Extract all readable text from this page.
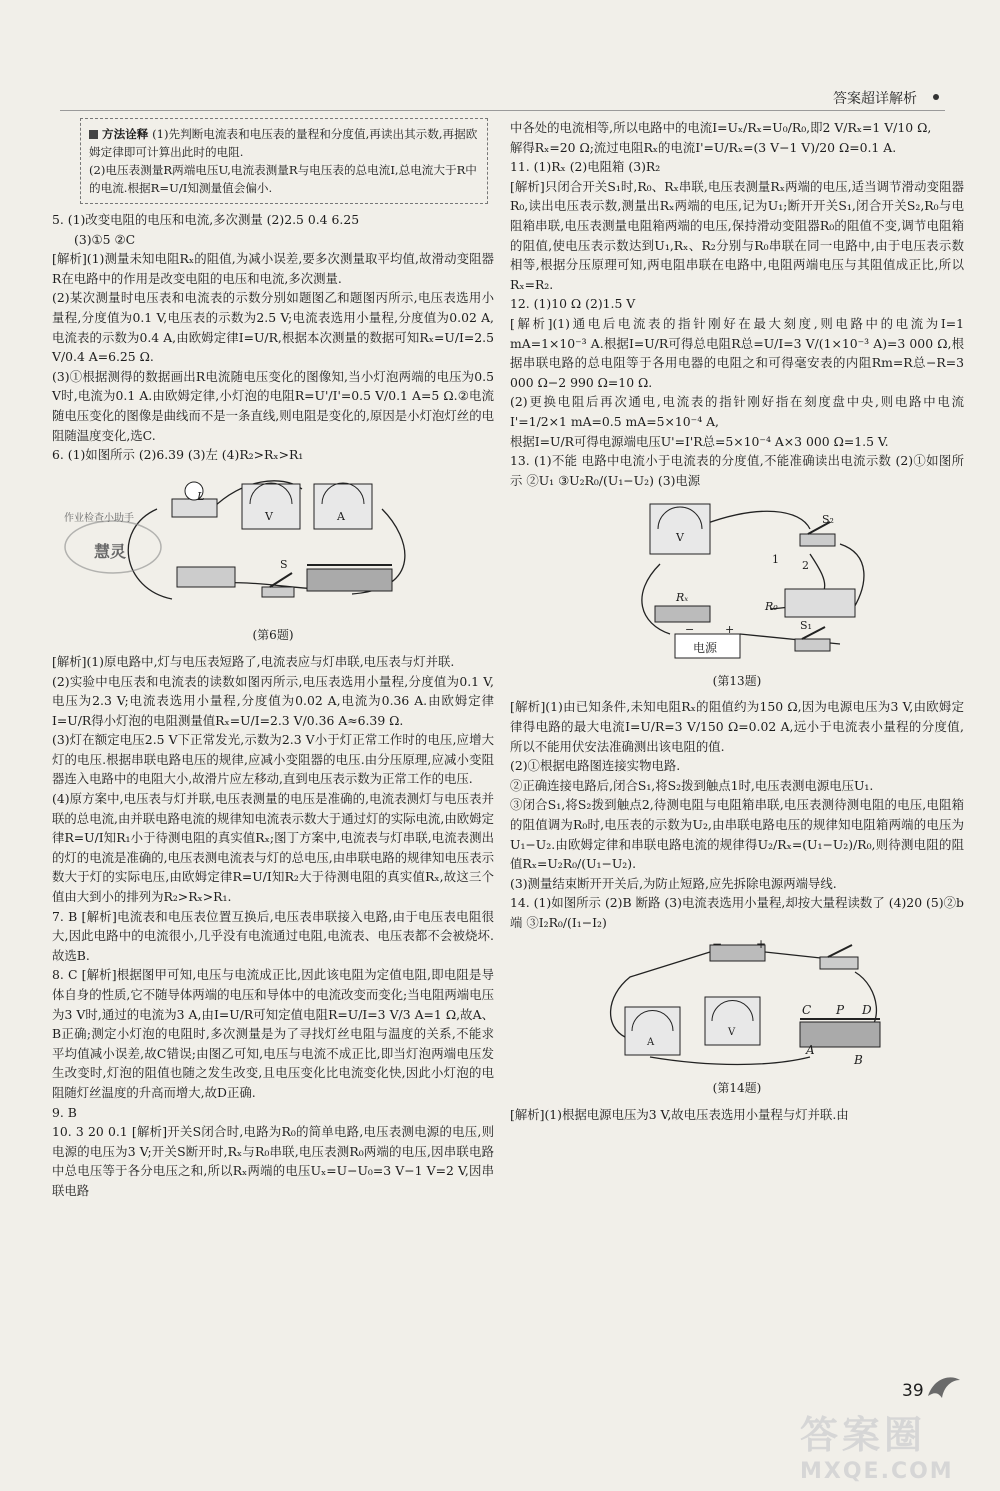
答案超详解析
方法诠释 (1)先判断电流表和电压表的量程和分度值,再读出其示数,再据欧姆定律即可计算出此时的电阻.
(2)电压表测量R两端电压U,电流表测量R与电压表的总电流I,总电流大于R中的电流.根据R=U/I知测量值会偏小.

5. (1)改变电阻的电压和电流,多次测量 (2)2.5 0.4 6.25

(3)①5 ②C

[解析](1)测量未知电阻Rₓ的阻值,为减小误差,要多次测量取平均值,故滑动变阻器R在电路中的作用是改变电阻的电压和电流,多次测量.

(2)某次测量时电压表和电流表的示数分别如题图乙和题图丙所示,电压表选用小量程,分度值为0.1 V,电压表的示数为2.5 V;电流表选用小量程,分度值为0.02 A,电流表的示数为0.4 A,由欧姆定律I=U/R,根据本次测量的数据可知Rₓ=U/I=2.5 V/0.4 A=6.25 Ω.

(3)①根据测得的数据画出R电流随电压变化的图像知,当小灯泡两端的电压为0.5 V时,电流为0.1 A.由欧姆定律,小灯泡的电阻R=U'/I'=0.5 V/0.1 A=5 Ω.②电流随电压变化的图像是曲线而不是一条直线,则电阻是变化的,原因是小灯泡灯丝的电阻随温度变化,选C.

6. (1)如图所示 (2)6.39 (3)左 (4)R₂>Rₓ>R₁

L
V	A
S
(第6题)

[解析](1)原电路中,灯与电压表短路了,电流表应与灯串联,电压表与灯并联.

(2)实验中电压表和电流表的读数如图丙所示,电压表选用小量程,分度值为0.1 V,电压为2.3 V;电流表选用小量程,分度值为0.02 A,电流为0.36 A.由欧姆定律I=U/R得小灯泡的电阻测量值Rₓ=U/I=2.3 V/0.36 A≈6.39 Ω.

(3)灯在额定电压2.5 V下正常发光,示数为2.3 V小于灯正常工作时的电压,应增大灯的电压.根据串联电路电压的规律,应减小变阻器的电压.由分压原理,应减小变阻器连入电路中的电阻大小,故滑片应左移动,直到电压表示数为正常工作的电压.

(4)原方案中,电压表与灯并联,电压表测量的电压是准确的,电流表测灯与电压表并联的总电流,由并联电路电流的规律知电流表示数大于通过灯的实际电流,由欧姆定律R=U/I知R₁小于待测电阻的真实值Rₓ;图丁方案中,电流表与灯串联,电流表测出的灯的电流是准确的,电压表测电流表与灯的总电压,由串联电路的规律知电压表示数大于灯的实际电压,由欧姆定律R=U/I知R₂大于待测电阻的真实值Rₓ,故这三个值由大到小的排列为R₂>Rₓ>R₁.

7. B [解析]电流表和电压表位置互换后,电压表串联接入电路,由于电压表电阻很大,因此电路中的电流很小,几乎没有电流通过电阻,电流表、电压表都不会被烧坏.故选B.

8. C [解析]根据图甲可知,电压与电流成正比,因此该电阻为定值电阻,即电阻是导体自身的性质,它不随导体两端的电压和导体中的电流改变而变化;当电阻两端电压为3 V时,通过的电流为3 A,由I=U/R可知定值电阻R=U/I=3 V/3 A=1 Ω,故A、B正确;测定小灯泡的电阻时,多次测量是为了寻找灯丝电阻与温度的关系,不能求平均值减小误差,故C错误;由图乙可知,电压与电流不成正比,即当灯泡两端电压发生改变时,灯泡的阻值也随之发生改变,且电压变化比电流变化快,因此小灯泡的电阻随灯丝温度的升高而增大,故D正确.

9. B

10. 3 20 0.1 [解析]开关S闭合时,电路为R₀的简单电路,电压表测电源的电压,则电源的电压为3 V;开关S断开时,Rₓ与R₀串联,电压表测R₀两端的电压,因串联电路中总电压等于各分电压之和,所以Rₓ两端的电压Uₓ=U−U₀=3 V−1 V=2 V,因串联电路

作业检查小助手
慧灵

中各处的电流相等,所以电路中的电流I=Uₓ/Rₓ=U₀/R₀,即2 V/Rₓ=1 V/10 Ω,

解得Rₓ=20 Ω;流过电阻Rₓ的电流I'=U/Rₓ=(3 V−1 V)/20 Ω=0.1 A.

11. (1)Rₓ (2)电阻箱 (3)R₂

[解析]只闭合开关S₁时,R₀、Rₓ串联,电压表测量Rₓ两端的电压,适当调节滑动变阻器R₀,读出电压表示数,测量出Rₓ两端的电压,记为U₁;断开开关S₁,闭合开关S₂,R₀与电阻箱串联,电压表测量电阻箱两端的电压,保持滑动变阻器R₀的阻值不变,调节电阻箱的阻值,使电压表示数达到U₁,Rₓ、R₂分别与R₀串联在同一电路中,由于电压表示数相等,根据分压原理可知,两电阻串联在电路中,电阻两端电压与其阻值成正比,所以Rₓ=R₂.

12. (1)10 Ω (2)1.5 V

[解析](1)通电后电流表的指针刚好在最大刻度,则电路中的电流为I=1 mA=1×10⁻³ A.根据I=U/R可得总电阻R总=U/I=3 V/(1×10⁻³ A)=3 000 Ω,根据串联电路的总电阻等于各用电器的电阻之和可得毫安表的内阻Rm=R总−R=3 000 Ω−2 990 Ω=10 Ω.

(2)更换电阻后再次通电,电流表的指针刚好指在刻度盘中央,则电路中电流I'=1/2×1 mA=0.5 mA=5×10⁻⁴ A,

根据I=U/R可得电源端电压U'=I'R总=5×10⁻⁴ A×3 000 Ω=1.5 V.

13. (1)不能 电路中电流小于电流表的分度值,不能准确读出电流示数 (2)①如图所示 ②U₁ ③U₂R₀/(U₁−U₂) (3)电源

V
S₂
1 2
Rₓ
R₀
−	+
电源
S₁
(第13题)

[解析](1)由已知条件,未知电阻Rₓ的阻值约为150 Ω,因为电源电压为3 V,由欧姆定律得电路的最大电流I=U/R=3 V/150 Ω=0.02 A,远小于电流表小量程的分度值,所以不能用伏安法准确测出该电阻的值.

(2)①根据电路图连接实物电路.

②正确连接电路后,闭合S₁,将S₂拨到触点1时,电压表测电源电压U₁.

③闭合S₁,将S₂拨到触点2,待测电阻与电阻箱串联,电压表测待测电阻的电压,电阻箱的阻值调为R₀时,电压表的示数为U₂,由串联电路电压的规律知电阻箱两端的电压为U₁−U₂.由欧姆定律和串联电路电流的规律得U₂/Rₓ=(U₁−U₂)/R₀,则待测电阻的阻值Rₓ=U₂R₀/(U₁−U₂).

(3)测量结束断开开关后,为防止短路,应先拆除电源两端导线.

14. (1)如图所示 (2)B 断路 (3)电流表选用小量程,却按大量程读数了 (4)20 (5)②b端 ③I₂R₀/(I₁−I₂)

−	+
A
V
C P D
A
B
(第14题)

[解析](1)根据电源电压为3 V,故电压表选用小量程与灯并联.由

39
答案圈
MXQE.COM
